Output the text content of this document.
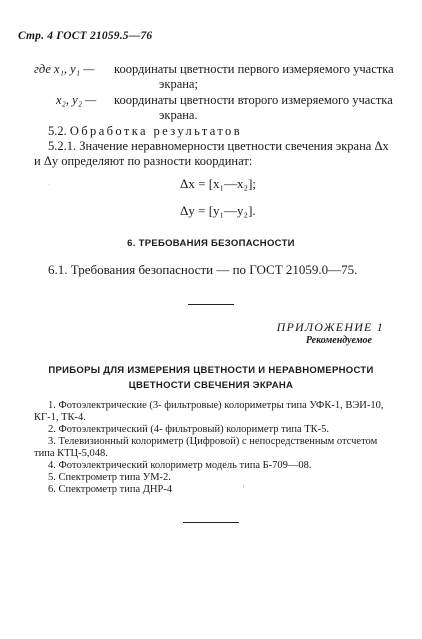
Стр. 4 ГОСТ 21059.5—76
где x₁, y₁ — координаты цветности первого измеряемого участка
экрана;
x₂, y₂ — координаты цветности второго измеряемого участка
экрана.
5.2. Обработка результатов
5.2.1. Значение неравномерности цветности свечения экрана Δx
и Δy определяют по разности координат:
Δx = [x₁—x₂];
·
Δy = [y₁—y₂].
6. ТРЕБОВАНИЯ БЕЗОПАСНОСТИ
6.1. Требования безопасности — по ГОСТ 21059.0—75.
ПРИЛОЖЕНИЕ 1
Рекомендуемое
ПРИБОРЫ ДЛЯ ИЗМЕРЕНИЯ ЦВЕТНОСТИ И НЕРАВНОМЕРНОСТИ
ЦВЕТНОСТИ СВЕЧЕНИЯ ЭКРАНА
1. Фотоэлектрические (3- фильтровые) колориметры типа УФК-1, ВЭИ-10,
КГ-1, ТК-4.
2. Фотоэлектрический (4- фильтровый) колориметр типа ТК-5.
3. Телевизионный колориметр (Цифровой) с непосредственным отсчетом
типа КТЦ-5,048.
4. Фотоэлектрический колориметр модель типа Б-709—08.
5. Спектрометр типа УМ-2.
6. Спектрометр типа ДНР-4	'
